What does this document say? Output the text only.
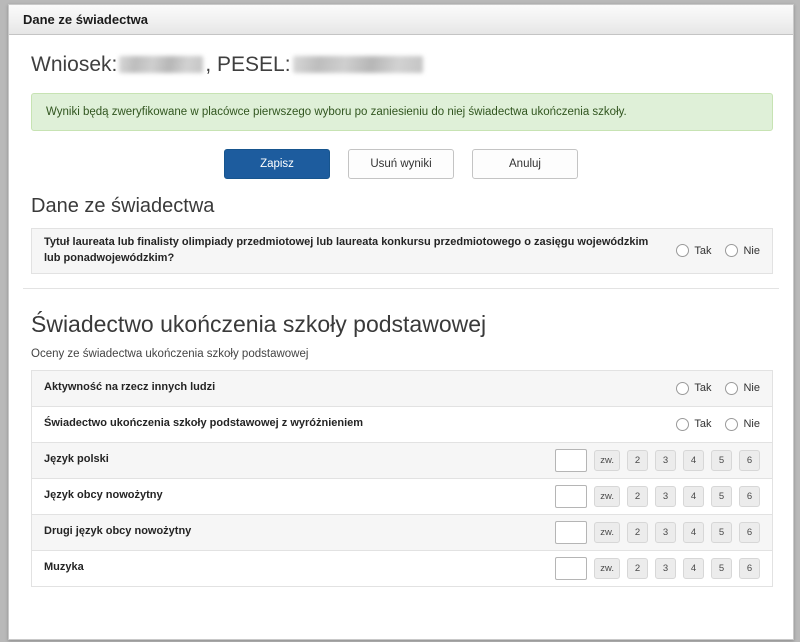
Dane ze świadectwa
Wniosek:	, PESEL:
Wyniki będą zweryfikowane w placówce pierwszego wyboru po zaniesieniu do niej świadectwa ukończenia szkoły.
Zapisz	Usuń wyniki	Anuluj
Dane ze świadectwa
Tytuł laureata lub finalisty olimpiady przedmiotowej lub laureata konkursu przedmiotowego o zasięgu wojewódzkim lub ponadwojewódzkim?
Tak	Nie
Świadectwo ukończenia szkoły podstawowej
Oceny ze świadectwa ukończenia szkoły podstawowej
Aktywność na rzecz innych ludzi	Tak	Nie
Świadectwo ukończenia szkoły podstawowej z wyróżnieniem	Tak	Nie
Język polski	zw.	2	3	4	5	6
Język obcy nowożytny	zw.	2	3	4	5	6
Drugi język obcy nowożytny	zw.	2	3	4	5	6
Muzyka	zw.	2	3	4	5	6
